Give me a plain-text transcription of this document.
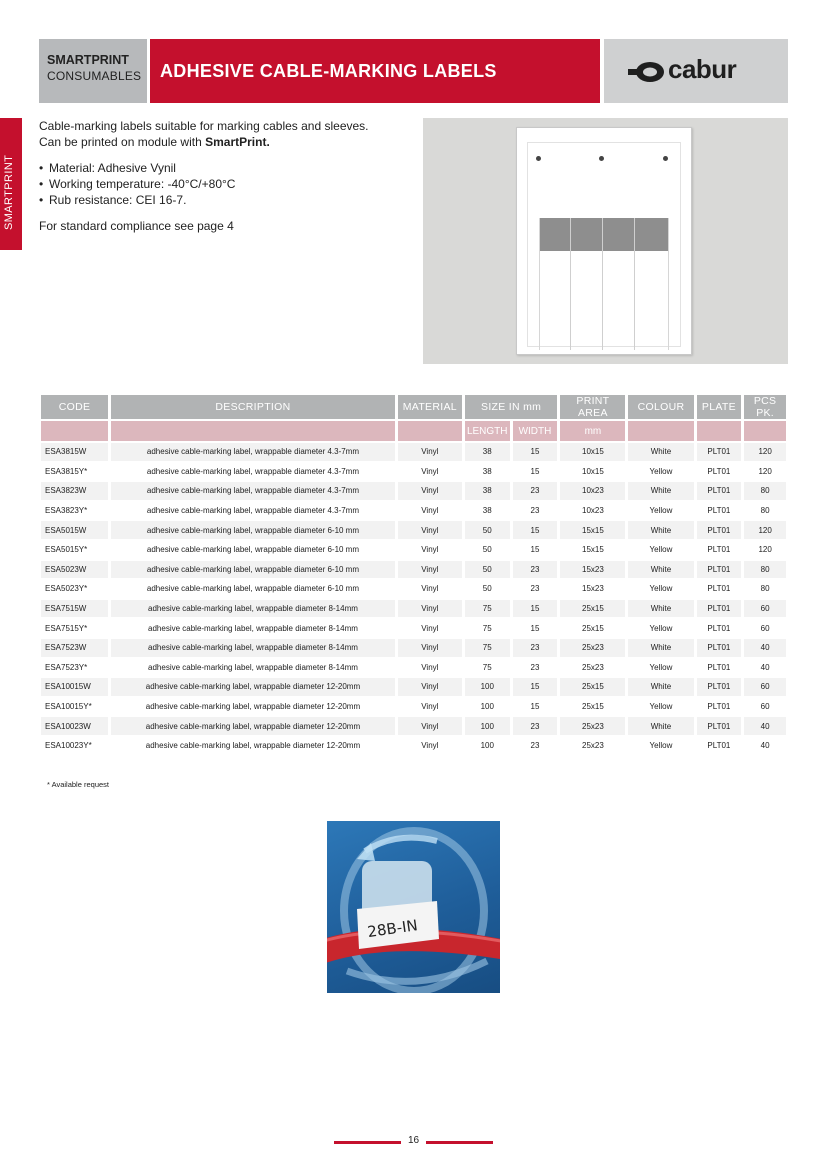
SMARTPRINT
SMARTPRINT
CONSUMABLES	ADHESIVE CABLE-MARKING LABELS	cabur
Cable-marking labels suitable for marking cables and sleeves.
Can be printed on module with SmartPrint.
• Material: Adhesive Vynil
• Working temperature: -40°C/+80°C
• Rub resistance: CEI 16-7.
For standard compliance see page 4
CODE	DESCRIPTION	MATERIAL	SIZE IN mm		PRINT AREA	COLOUR	PLATE	PCS PK.
			LENGTH	WIDTH	mm			
ESA3815W	adhesive cable-marking label, wrappable diameter 4.3-7mm	Vinyl	38	15	10x15	White	PLT01	120
ESA3815Y*	adhesive cable-marking label, wrappable diameter 4.3-7mm	Vinyl	38	15	10x15	Yellow	PLT01	120
ESA3823W	adhesive cable-marking label, wrappable diameter 4.3-7mm	Vinyl	38	23	10x23	White	PLT01	80
ESA3823Y*	adhesive cable-marking label, wrappable diameter 4.3-7mm	Vinyl	38	23	10x23	Yellow	PLT01	80
ESA5015W	adhesive cable-marking label, wrappable diameter 6-10 mm	Vinyl	50	15	15x15	White	PLT01	120
ESA5015Y*	adhesive cable-marking label, wrappable diameter 6-10 mm	Vinyl	50	15	15x15	Yellow	PLT01	120
ESA5023W	adhesive cable-marking label, wrappable diameter 6-10 mm	Vinyl	50	23	15x23	White	PLT01	80
ESA5023Y*	adhesive cable-marking label, wrappable diameter 6-10 mm	Vinyl	50	23	15x23	Yellow	PLT01	80
ESA7515W	adhesive cable-marking label, wrappable diameter 8-14mm	Vinyl	75	15	25x15	White	PLT01	60
ESA7515Y*	adhesive cable-marking label, wrappable diameter 8-14mm	Vinyl	75	15	25x15	Yellow	PLT01	60
ESA7523W	adhesive cable-marking label, wrappable diameter 8-14mm	Vinyl	75	23	25x23	White	PLT01	40
ESA7523Y*	adhesive cable-marking label, wrappable diameter 8-14mm	Vinyl	75	23	25x23	Yellow	PLT01	40
ESA10015W	adhesive cable-marking label, wrappable diameter 12-20mm	Vinyl	100	15	25x15	White	PLT01	60
ESA10015Y*	adhesive cable-marking label, wrappable diameter 12-20mm	Vinyl	100	15	25x15	Yellow	PLT01	60
ESA10023W	adhesive cable-marking label, wrappable diameter 12-20mm	Vinyl	100	23	25x23	White	PLT01	40
ESA10023Y*	adhesive cable-marking label, wrappable diameter 12-20mm	Vinyl	100	23	25x23	Yellow	PLT01	40
* Available request
28B-IN
16
